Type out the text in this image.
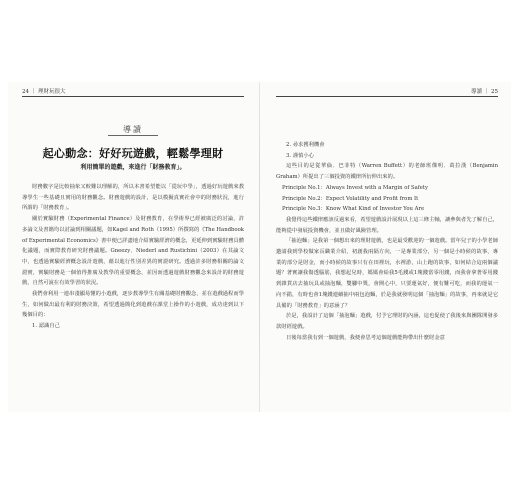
24 ｜ 理財玩很大	導讀 ｜ 25
導讀
起心動念：好好玩遊戲，輕鬆學理財
利用簡單的遊戲，來進行「財務教育」。

財務數字是比較抽象又較難以理解的，所以本書希望能以「從玩中學」，透過好玩遊戲來教導學生一些基礎且實用的財務觀念。財務遊戲的設計，是以模擬真實社會中的財務狀況，進行所謂的「財務教育」。

關於實驗財務（Experimental Finance）及財務教育，在學術界已經被廣泛的討論，許多論文及書籍均以討論到相關議題，如Kagel and Roth（1995）所撰寫的《The Handbook of Experimental Economics》書中便已詳盡地介紹實驗經濟的概念，更延伸到實驗財務具體化議題，而實際教育研究財務議題。Gneezy、Niederl and Rustichini（2003）在其論文中，也透過實驗經濟概念設計遊戲，藉以進行性別差異的實證研究。透過許多財務相關的論文證實，實驗財務是一個值得推廣及教學的重要概念，並因而透過遊戲財務觀念來設計的財務遊戲，自然可說在有效學習的狀況。

我們會利用一連串淺顯易懂的小遊戲，逐步教導學生有關基礎財務觀念，並在遊戲過程而學生，如何做出最有利的財務決策，希望透過簡化到遊戲在課堂上操作的小遊戲，成功達到以下幾個目的：

1. 認識自己

2. 尋求獲利機會

3. 謹慎小心

這些目的是從華倫．巴菲特（Warren Buffett）的老師班傑明．葛拉漢（Benjamin Graham）所提出了三個投資的鐵律所衍伸出來的。

Principle No.1：Always Invest with a Margin of Safety

Principle No.2：Expect Volatility and Profit from It

Principle No.3：Know What Kind of Investor You Are

我覺得這些鐵律應該反過來看，希望遊戲設計展現以上這三條主軸，讓參與者先了解自己，能夠從中發展投資機會，並且做好風險管理。

「抽泡麵」是我第一個想出來的理財遊戲，也是最受歡迎的一個遊戲。當年兒子的小學老師邀請我到學校做家長職業介紹，初創我兩隔方向，一是專業部分，另一個是小時候的故事，專業的部分是財金，而小時候的故事只有在田裡玩，水裡游，山上跑的故事，如何結合這兩個議題？著實讓我傷透腦筋，我想起兒時，媽媽會給我5毛錢或1塊錢當零用錢，而我會拿著零用錢到雜貨店去抽玩具或抽泡麵，雙腳中獎，會開心中，只要運氣好，便有難可吃，而我的運氣一向不錯，有時也會1塊錢連續抽中兩包泡麵，於是我就發明這個「抽泡麵」的故事，再來就是它具備的「財務教育」的意涵了？

於是，我設計了這個「抽泡麵」遊戲，付予它理財的內涵，這也促使了我後來與團隊開發多款財經遊戲。

日後每當我有到一個遊戲，我便會思考這個遊戲能夠帶出什麼財金意
